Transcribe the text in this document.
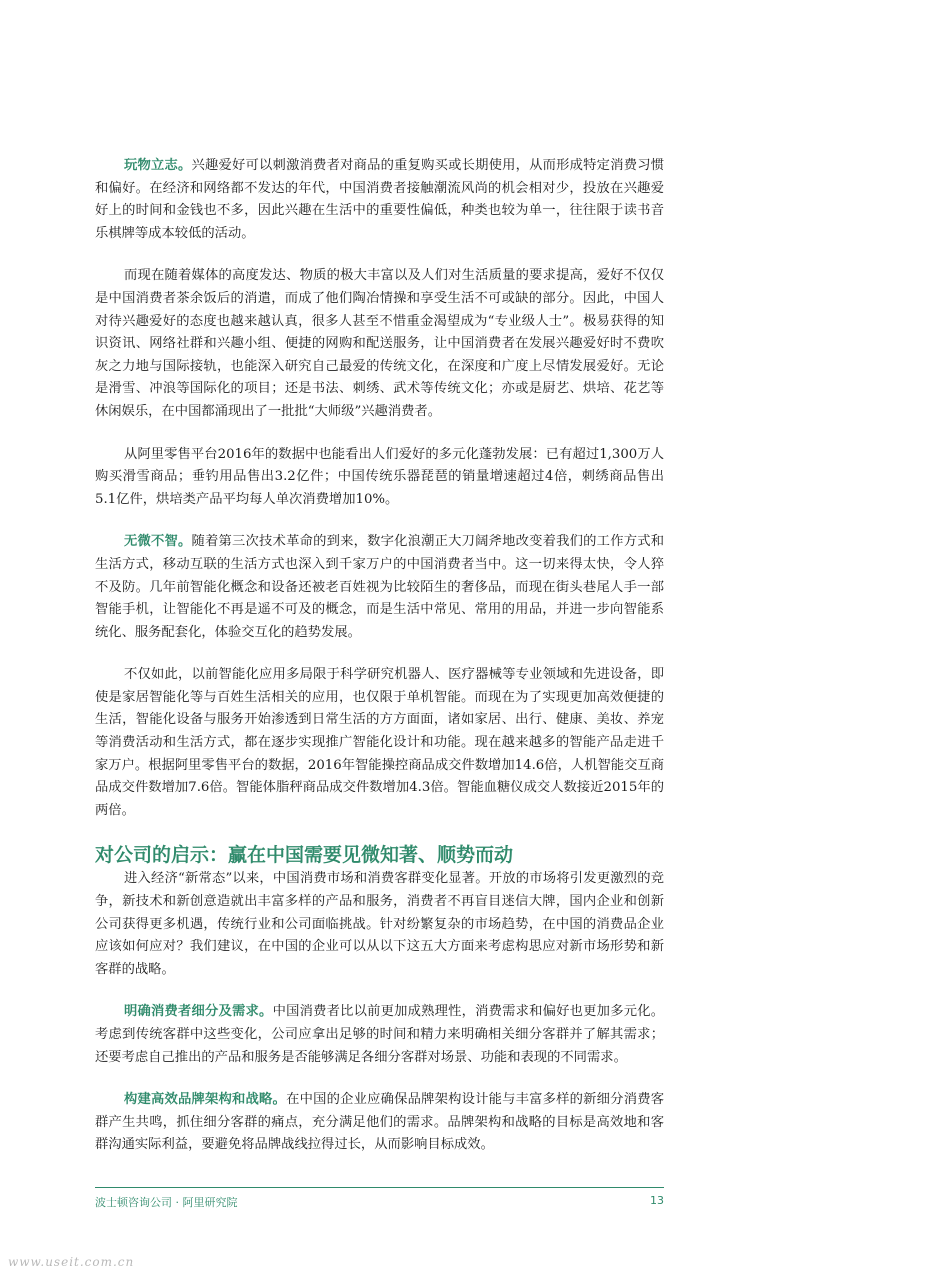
玩物立志。兴趣爱好可以刺激消费者对商品的重复购买或长期使用，从而形成特定消费习惯和偏好。在经济和网络都不发达的年代，中国消费者接触潮流风尚的机会相对少，投放在兴趣爱好上的时间和金钱也不多，因此兴趣在生活中的重要性偏低，种类也较为单一，往往限于读书音乐棋牌等成本较低的活动。

而现在随着媒体的高度发达、物质的极大丰富以及人们对生活质量的要求提高，爱好不仅仅是中国消费者茶余饭后的消遣，而成了他们陶冶情操和享受生活不可或缺的部分。因此，中国人对待兴趣爱好的态度也越来越认真，很多人甚至不惜重金渴望成为“专业级人士”。极易获得的知识资讯、网络社群和兴趣小组、便捷的网购和配送服务，让中国消费者在发展兴趣爱好时不费吹灰之力地与国际接轨，也能深入研究自己最爱的传统文化，在深度和广度上尽情发展爱好。无论是滑雪、冲浪等国际化的项目；还是书法、刺绣、武术等传统文化；亦或是厨艺、烘培、花艺等休闲娱乐，在中国都涌现出了一批批“大师级”兴趣消费者。

从阿里零售平台2016年的数据中也能看出人们爱好的多元化蓬勃发展：已有超过1,300万人购买滑雪商品；垂钓用品售出3.2亿件；中国传统乐器琵琶的销量增速超过4倍，刺绣商品售出5.1亿件，烘培类产品平均每人单次消费增加10%。

无微不智。随着第三次技术革命的到来，数字化浪潮正大刀阔斧地改变着我们的工作方式和生活方式，移动互联的生活方式也深入到千家万户的中国消费者当中。这一切来得太快，令人猝不及防。几年前智能化概念和设备还被老百姓视为比较陌生的奢侈品，而现在街头巷尾人手一部智能手机，让智能化不再是遥不可及的概念，而是生活中常见、常用的用品，并进一步向智能系统化、服务配套化，体验交互化的趋势发展。

不仅如此，以前智能化应用多局限于科学研究机器人、医疗器械等专业领域和先进设备，即使是家居智能化等与百姓生活相关的应用，也仅限于单机智能。而现在为了实现更加高效便捷的生活，智能化设备与服务开始渗透到日常生活的方方面面，诸如家居、出行、健康、美妆、养宠等消费活动和生活方式，都在逐步实现推广智能化设计和功能。现在越来越多的智能产品走进千家万户。根据阿里零售平台的数据，2016年智能操控商品成交件数增加14.6倍，人机智能交互商品成交件数增加7.6倍。智能体脂秤商品成交件数增加4.3倍。智能血糖仪成交人数接近2015年的两倍。

对公司的启示：赢在中国需要见微知著、顺势而动

进入经济“新常态”以来，中国消费市场和消费客群变化显著。开放的市场将引发更激烈的竞争，新技术和新创意造就出丰富多样的产品和服务，消费者不再盲目迷信大牌，国内企业和创新公司获得更多机遇，传统行业和公司面临挑战。针对纷繁复杂的市场趋势，在中国的消费品企业应该如何应对？我们建议，在中国的企业可以从以下这五大方面来考虑构思应对新市场形势和新客群的战略。

明确消费者细分及需求。中国消费者比以前更加成熟理性，消费需求和偏好也更加多元化。考虑到传统客群中这些变化，公司应拿出足够的时间和精力来明确相关细分客群并了解其需求；还要考虑自己推出的产品和服务是否能够满足各细分客群对场景、功能和表现的不同需求。

构建高效品牌架构和战略。在中国的企业应确保品牌架构设计能与丰富多样的新细分消费客群产生共鸣，抓住细分客群的痛点，充分满足他们的需求。品牌架构和战略的目标是高效地和客群沟通实际利益，要避免将品牌战线拉得过长，从而影响目标成效。

波士顿咨询公司 · 阿里研究院	13
www.useit.com.cn
